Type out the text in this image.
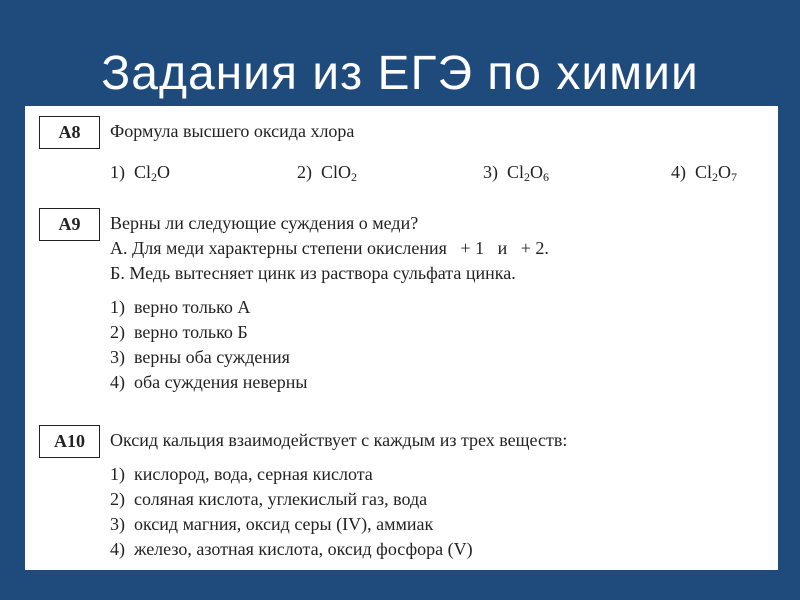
Задания из ЕГЭ по химии
А8	Формула высшего оксида хлора
1) $Cl_2O$	2) ClO$_2$	3) $Cl_2O_6$	4) $Cl_2O_7$
А9	Верны ли следующие суждения о меди?
А. Для меди характерны степени окисления   + 1   и   + 2.
Б. Медь вытесняет цинк из раствора сульфата цинка.
1)  верно только А
2)  верно только Б
3)  верны оба суждения
4)  оба суждения неверны
А10	Оксид кальция взаимодействует с каждым из трех веществ:
1)  кислород, вода, серная кислота
2)  соляная кислота, углекислый газ, вода
3)  оксид магния, оксид серы (IV), аммиак
4)  железо, азотная кислота, оксид фосфора (V)
